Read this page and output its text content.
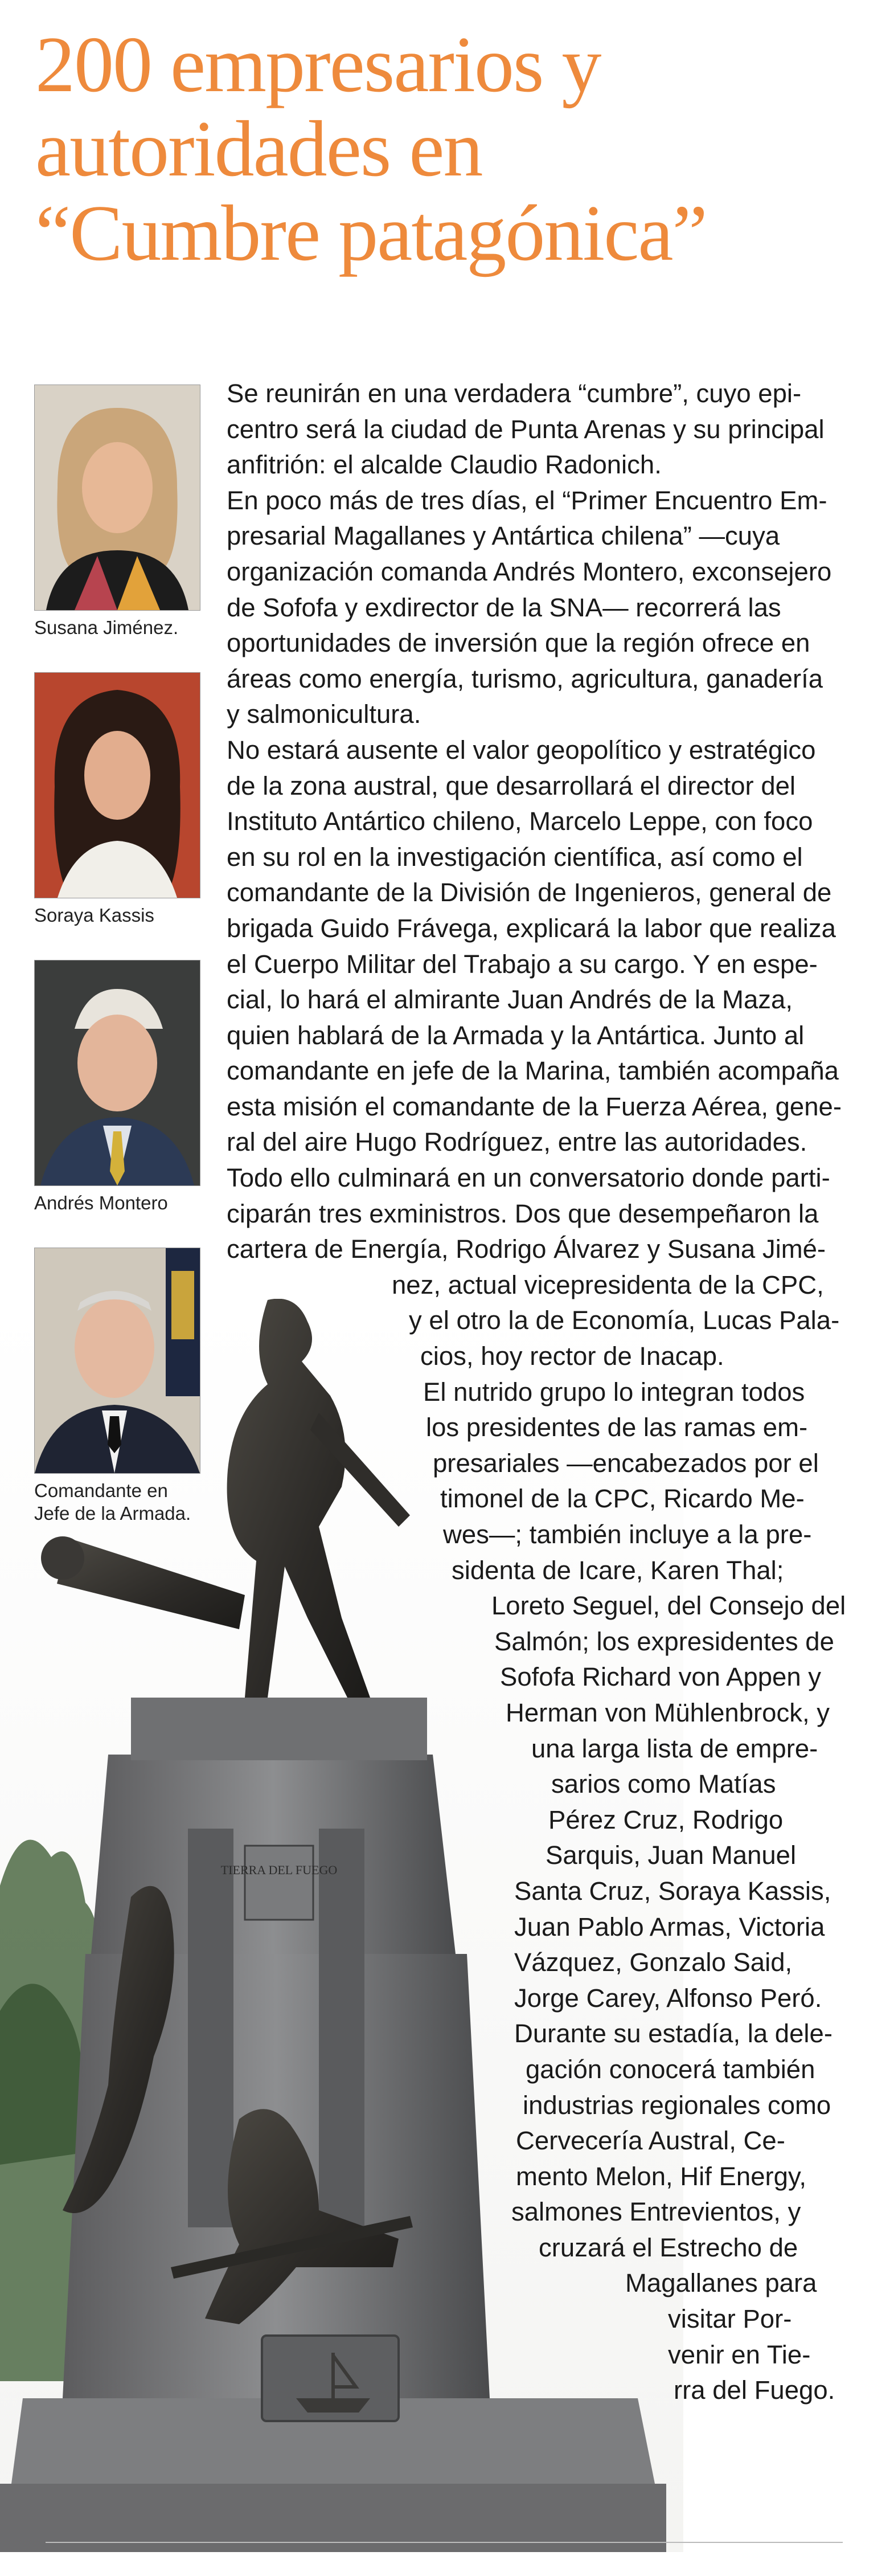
200 empresarios y
autoridades en
“Cumbre patagónica”
TIERRA DEL FUEGO

Susana Jiménez.

Soraya Kassis

Andrés Montero

Comandante en Jefe de la Armada.

Se reunirán en una verdadera “cumbre”, cuyo epi-
centro será la ciudad de Punta Arenas y su principal
anfitrión: el alcalde Claudio Radonich.
En poco más de tres días, el “Primer Encuentro Em-
presarial Magallanes y Antártica chilena” —cuya
organización comanda Andrés Montero, exconsejero
de Sofofa y exdirector de la SNA— recorrerá las
oportunidades de inversión que la región ofrece en
áreas como energía, turismo, agricultura, ganadería
y salmonicultura.
No estará ausente el valor geopolítico y estratégico
de la zona austral, que desarrollará el director del
Instituto Antártico chileno, Marcelo Leppe, con foco
en su rol en la investigación científica, así como el
comandante de la División de Ingenieros, general de
brigada Guido Frávega, explicará la labor que realiza
el Cuerpo Militar del Trabajo a su cargo. Y en espe-
cial, lo hará el almirante Juan Andrés de la Maza,
quien hablará de la Armada y la Antártica. Junto al
comandante en jefe de la Marina, también acompaña
esta misión el comandante de la Fuerza Aérea, gene-
ral del aire Hugo Rodríguez, entre las autoridades.
Todo ello culminará en un conversatorio donde parti-
ciparán tres exministros. Dos que desempeñaron la
cartera de Energía, Rodrigo Álvarez y Susana Jimé-
nez, actual vicepresidenta de la CPC,
y el otro la de Economía, Lucas Pala-
cios, hoy rector de Inacap.
El nutrido grupo lo integran todos
los presidentes de las ramas em-
presariales —encabezados por el
timonel de la CPC, Ricardo Me-
wes—; también incluye a la pre-
sidenta de Icare, Karen Thal;
Loreto Seguel, del Consejo del
Salmón; los expresidentes de
Sofofa Richard von Appen y
Herman von Mühlenbrock, y
una larga lista de empre-
sarios como Matías
Pérez Cruz, Rodrigo
Sarquis, Juan Manuel
Santa Cruz, Soraya Kassis,
Juan Pablo Armas, Victoria
Vázquez, Gonzalo Said,
Jorge Carey, Alfonso Peró.
Durante su estadía, la dele-
gación conocerá también
industrias regionales como
Cervecería Austral, Ce-
mento Melon, Hif Energy,
salmones Entrevientos, y
cruzará el Estrecho de
Magallanes para
visitar Por-
venir en Tie-
rra del Fuego.
